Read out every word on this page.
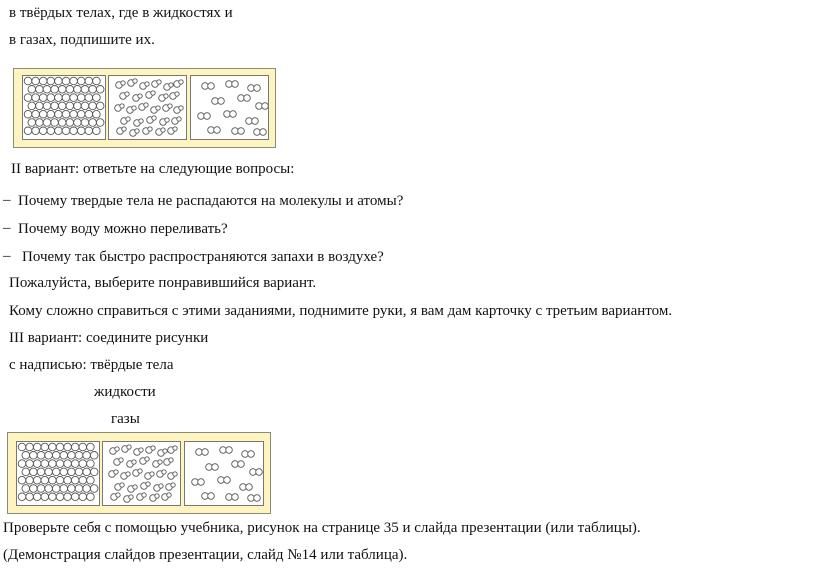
в твёрдых телах, где в жидкостях и
в газах, подпишите их.
II вариант: ответьте на следующие вопросы:
– Почему твердые тела не распадаются на молекулы и атомы?
– Почему воду можно переливать?
– Почему так быстро распространяются запахи в воздухе?
Пожалуйста, выберите понравившийся вариант.
Кому сложно справиться с этими заданиями, поднимите руки, я вам дам карточку с третьим вариантом.
III вариант: соедините рисунки
с надписью: твёрдые тела
жидкости
газы
Проверьте себя с помощью учебника, рисунок на странице 35 и слайда презентации (или таблицы).
(Демонстрация слайдов презентации, слайд №14 или таблица).
